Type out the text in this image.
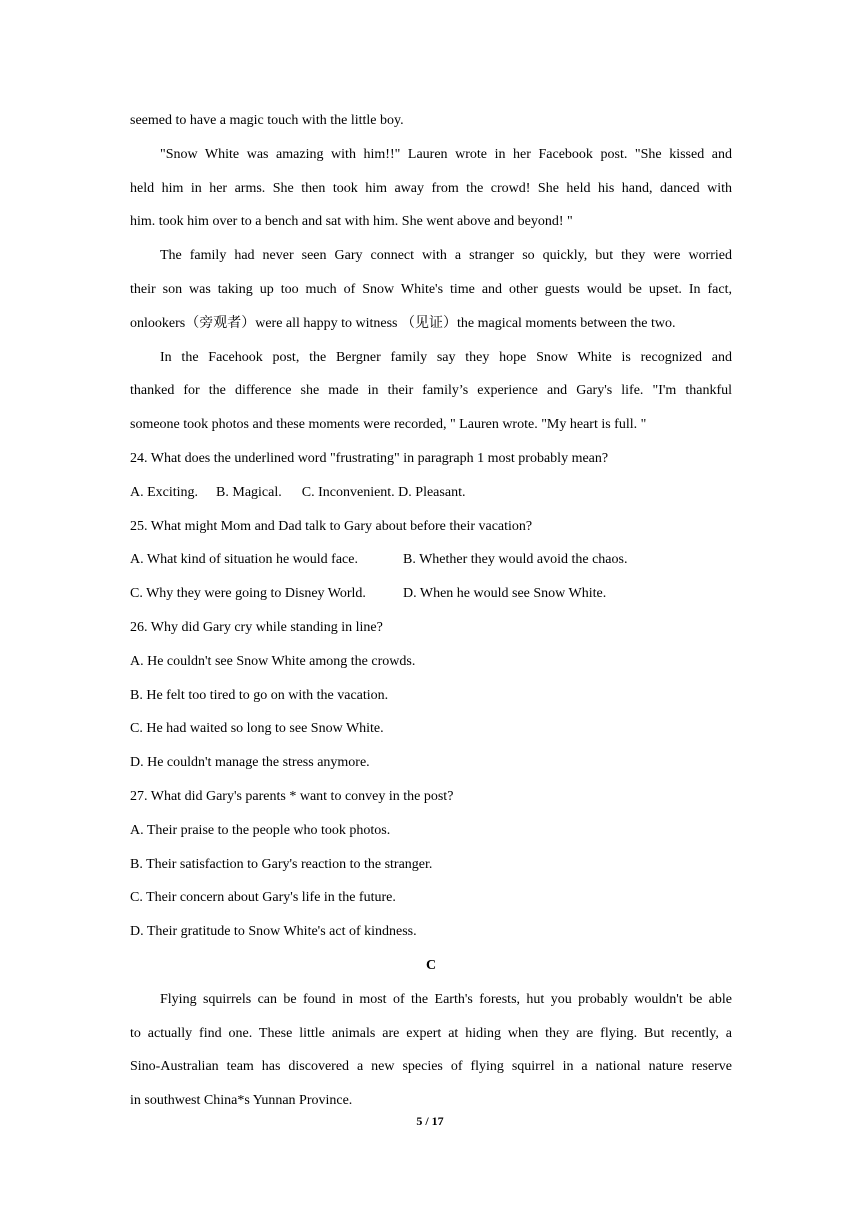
seemed to have a magic touch with the little boy.
"Snow White was amazing with him!!" Lauren wrote in her Facebook post. "She kissed and
held him in her arms. She then took him away from the crowd! She held his hand, danced with
him. took him over to a bench and sat with him. She went above and beyond! "
The family had never seen Gary connect with a stranger so quickly, but they were worried
their son was taking up too much of Snow White's time and other guests would be upset. In fact,
onlookers（旁观者）were all happy to witness （见证）the magical moments between the two.
In the Facehook post, the Bergner family say they hope Snow White is recognized and
thanked for the difference she made in their family’s experience and Gary's life. "I'm thankful
someone took photos and these moments were recorded, " Lauren wrote. "My heart is full. "
24. What does the underlined word "frustrating" in paragraph 1 most probably mean?
A. Exciting. B. Magical. C. Inconvenient. D. Pleasant.
25. What might Mom and Dad talk to Gary about before their vacation?
A. What kind of situation he would face.	B. Whether they would avoid the chaos.
C. Why they were going to Disney World.	D. When he would see Snow White.
26. Why did Gary cry while standing in line?
A. He couldn't see Snow White among the crowds.
B. He felt too tired to go on with the vacation.
C. He had waited so long to see Snow White.
D. He couldn't manage the stress anymore.
27. What did Gary's parents * want to convey in the post?
A. Their praise to the people who took photos.
B. Their satisfaction to Gary's reaction to the stranger.
C. Their concern about Gary's life in the future.
D. Their gratitude to Snow White's act of kindness.
C
Flying squirrels can be found in most of the Earth's forests, hut you probably wouldn't be able
to actually find one. These little animals are expert at hiding when they are flying. But recently, a
Sino-Australian team has discovered a new species of flying squirrel in a national nature reserve
in southwest China*s Yunnan Province.
5 / 17
